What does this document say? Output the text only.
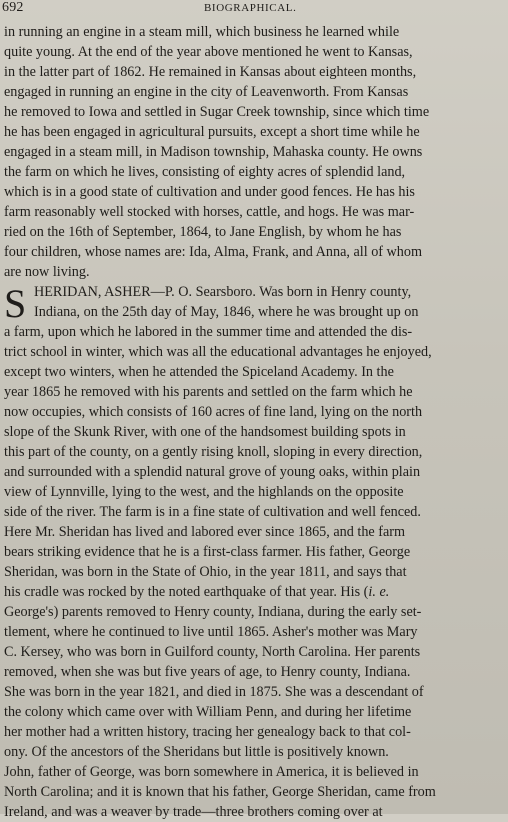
692	BIOGRAPHICAL.
S
in running an engine in a steam mill, which business he learned while
quite young. At the end of the year above mentioned he went to Kansas,
in the latter part of 1862. He remained in Kansas about eighteen months,
engaged in running an engine in the city of Leavenworth. From Kansas
he removed to Iowa and settled in Sugar Creek township, since which time
he has been engaged in agricultural pursuits, except a short time while he
engaged in a steam mill, in Madison township, Mahaska county. He owns
the farm on which he lives, consisting of eighty acres of splendid land,
which is in a good state of cultivation and under good fences. He has his
farm reasonably well stocked with horses, cattle, and hogs. He was mar-
ried on the 16th of September, 1864, to Jane English, by whom he has
four children, whose names are: Ida, Alma, Frank, and Anna, all of whom
are now living.
HERIDAN, ASHER—P. O. Searsboro. Was born in Henry county,
Indiana, on the 25th day of May, 1846, where he was brought up on
a farm, upon which he labored in the summer time and attended the dis-
trict school in winter, which was all the educational advantages he enjoyed,
except two winters, when he attended the Spiceland Academy. In the
year 1865 he removed with his parents and settled on the farm which he
now occupies, which consists of 160 acres of fine land, lying on the north
slope of the Skunk River, with one of the handsomest building spots in
this part of the county, on a gently rising knoll, sloping in every direction,
and surrounded with a splendid natural grove of young oaks, within plain
view of Lynnville, lying to the west, and the highlands on the opposite
side of the river. The farm is in a fine state of cultivation and well fenced.
Here Mr. Sheridan has lived and labored ever since 1865, and the farm
bears striking evidence that he is a first-class farmer. His father, George
Sheridan, was born in the State of Ohio, in the year 1811, and says that
his cradle was rocked by the noted earthquake of that year. His (i. e.
George's) parents removed to Henry county, Indiana, during the early set-
tlement, where he continued to live until 1865. Asher's mother was Mary
C. Kersey, who was born in Guilford county, North Carolina. Her parents
removed, when she was but five years of age, to Henry county, Indiana.
She was born in the year 1821, and died in 1875. She was a descendant of
the colony which came over with William Penn, and during her lifetime
her mother had a written history, tracing her genealogy back to that col-
ony. Of the ancestors of the Sheridans but little is positively known.
John, father of George, was born somewhere in America, it is believed in
North Carolina; and it is known that his father, George Sheridan, came from
Ireland, and was a weaver by trade—three brothers coming over at
